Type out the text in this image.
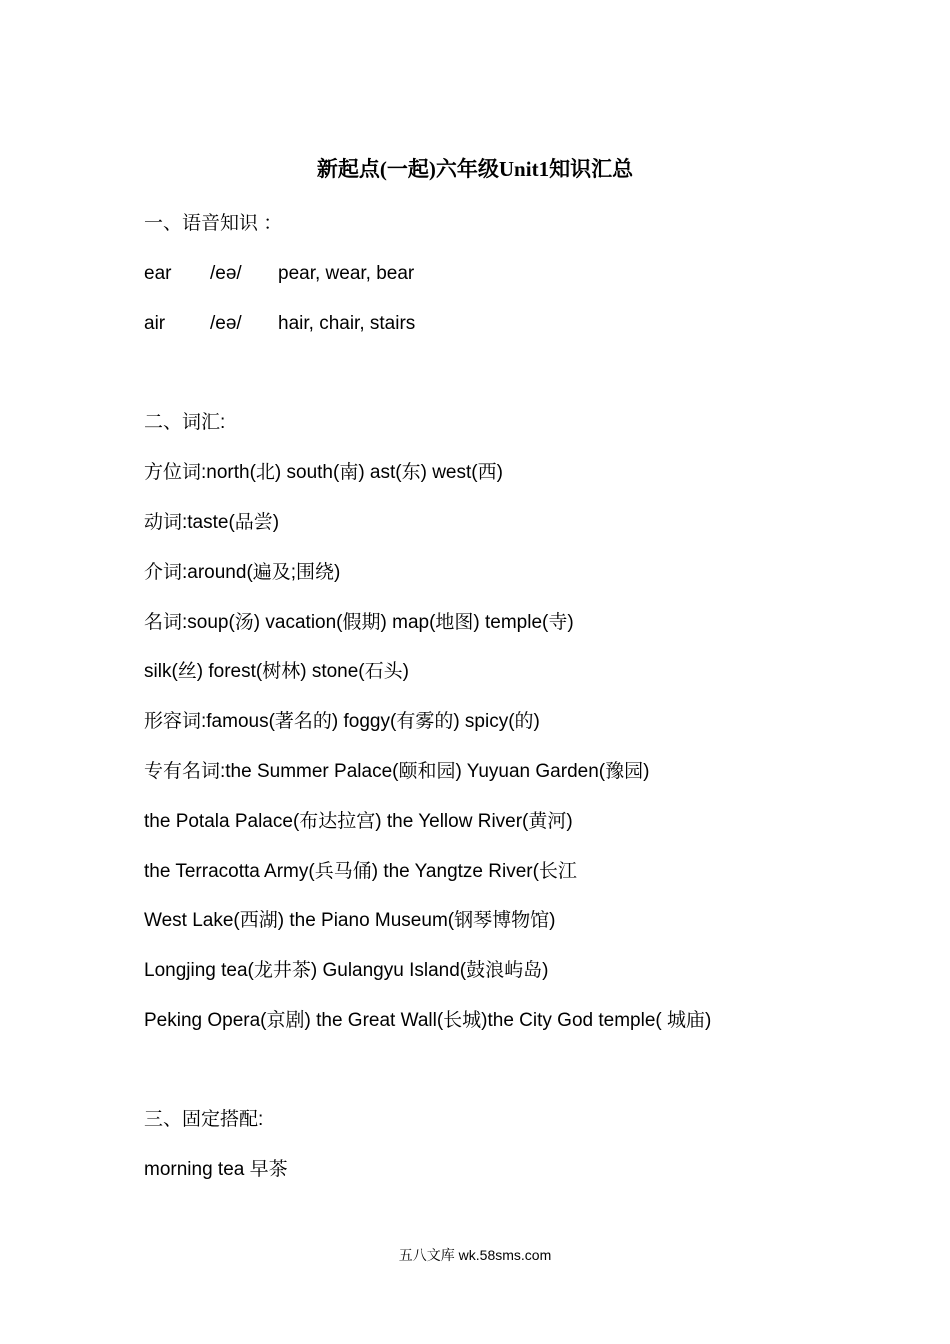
新起点(一起)六年级Unit1知识汇总
一、语音知识 ：
ear /eə/ pear, wear, bear
air /eə/ hair, chair, stairs
二、词汇:
方位词:north(北) south(南) ast(东) west(西)
动词:taste(品尝)
介词:around(遍及;围绕)
名词:soup(汤) vacation(假期) map(地图) temple(寺)
silk(丝) forest(树林) stone(石头)
形容词:famous(著名的) foggy(有雾的) spicy(的)
专有名词:the Summer Palace(颐和园) Yuyuan Garden(豫园)
the Potala Palace(布达拉宫) the Yellow River(黄河)
the Terracotta Army(兵马俑) the Yangtze River(长江
West Lake(西湖) the Piano Museum(钢琴博物馆)
Longjing tea(龙井茶) Gulangyu Island(鼓浪屿岛)
Peking Opera(京剧) the Great Wall(长城)the City God temple( 城庙)
三、固定搭配:
morning tea 早茶
五八文库 wk.58sms.com
